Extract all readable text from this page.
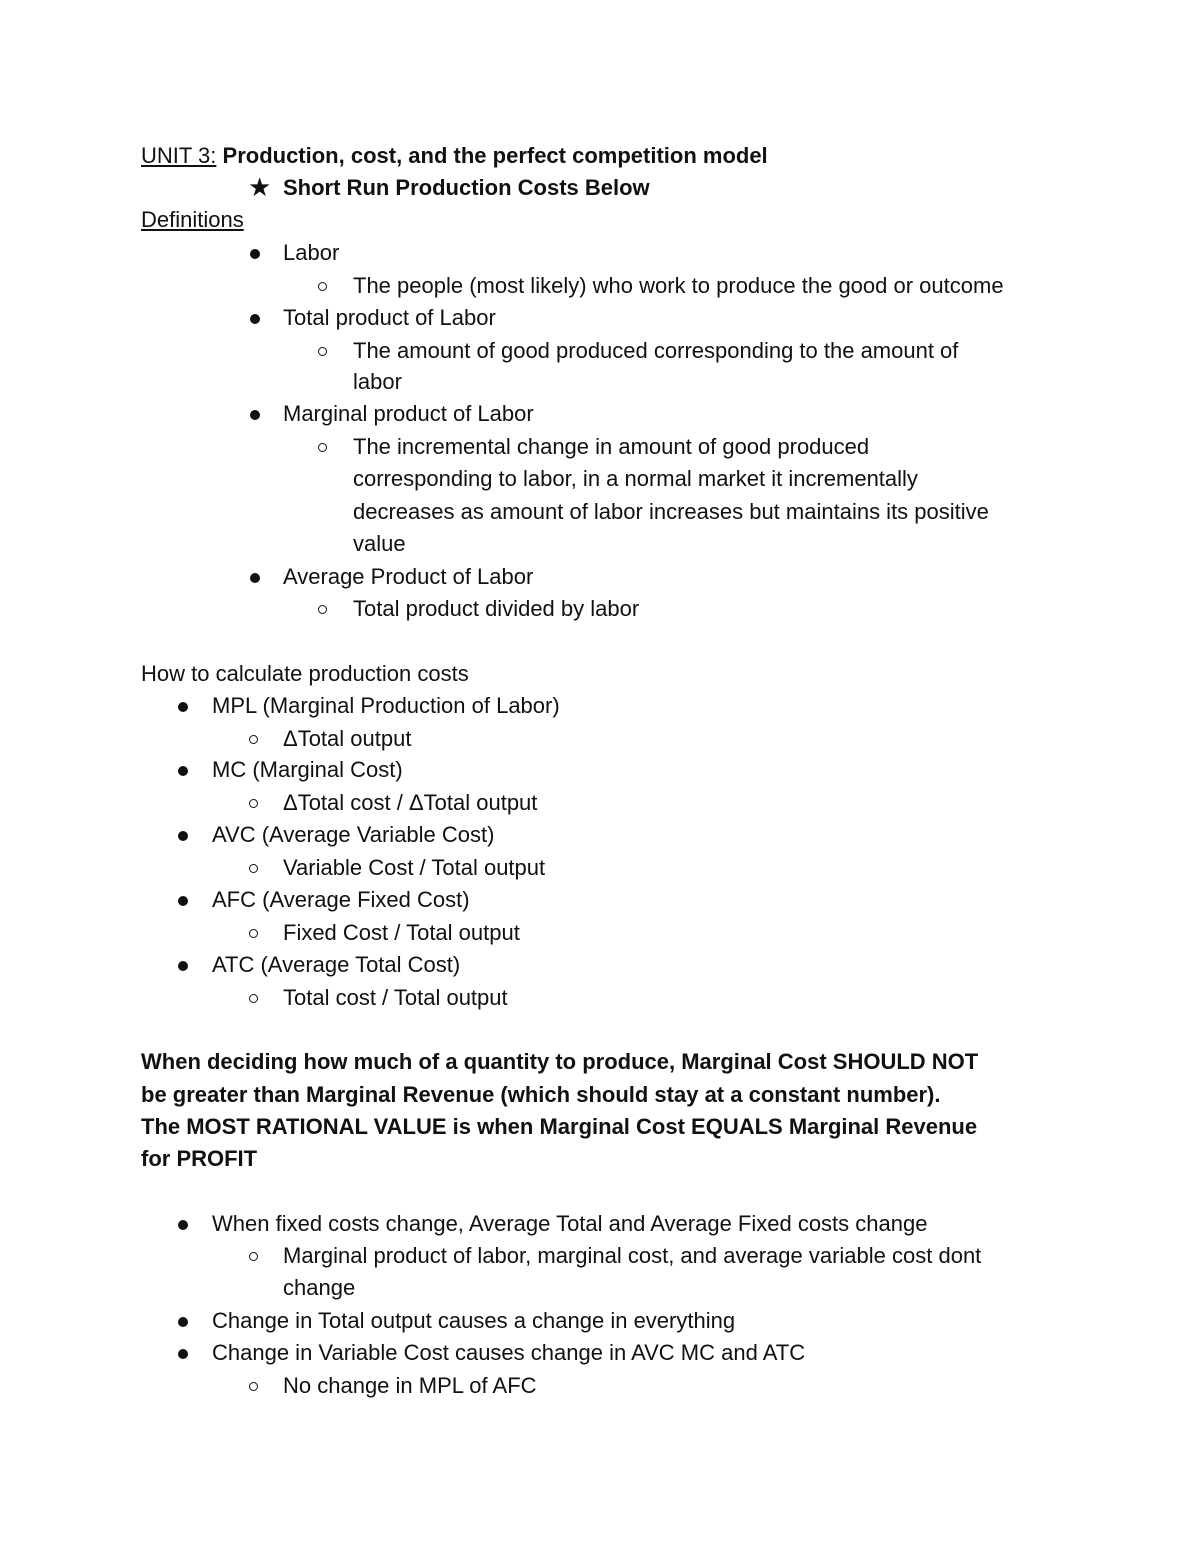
UNIT 3: Production, cost, and the perfect competition model
★ Short Run Production Costs Below
Definitions
Labor
The people (most likely) who work to produce the good or outcome
Total product of Labor
The amount of good produced corresponding to the amount of
labor
Marginal product of Labor
The incremental change in amount of good produced
corresponding to labor, in a normal market it incrementally
decreases as amount of labor increases but maintains its positive
value
Average Product of Labor
Total product divided by labor
How to calculate production costs
MPL (Marginal Production of Labor)
ΔTotal output
MC (Marginal Cost)
ΔTotal cost / ΔTotal output
AVC (Average Variable Cost)
Variable Cost / Total output
AFC (Average Fixed Cost)
Fixed Cost / Total output
ATC (Average Total Cost)
Total cost / Total output
When deciding how much of a quantity to produce, Marginal Cost SHOULD NOT
be greater than Marginal Revenue (which should stay at a constant number).
The MOST RATIONAL VALUE is when Marginal Cost EQUALS Marginal Revenue
for PROFIT
When fixed costs change, Average Total and Average Fixed costs change
Marginal product of labor, marginal cost, and average variable cost dont
change
Change in Total output causes a change in everything
Change in Variable Cost causes change in AVC MC and ATC
No change in MPL of AFC
